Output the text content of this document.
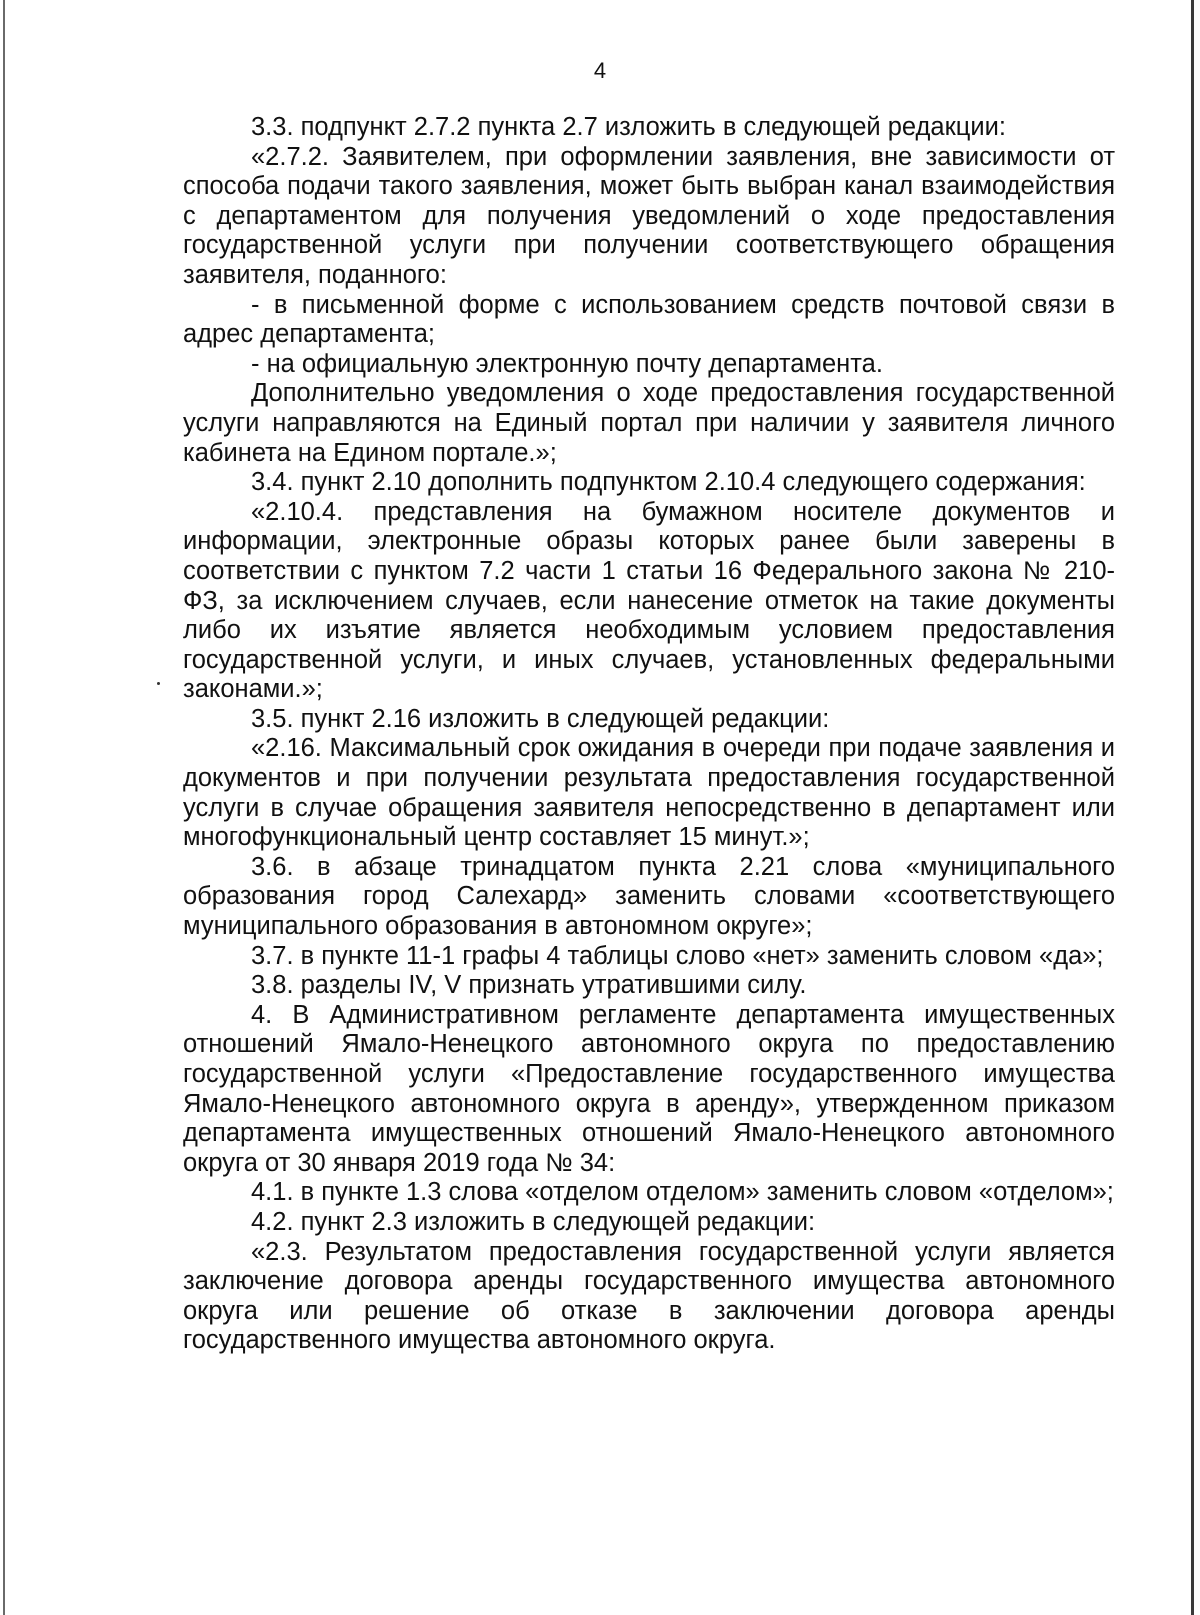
4

3.3. подпункт 2.7.2 пункта 2.7 изложить в следующей редакции:

«2.7.2. Заявителем, при оформлении заявления, вне зависимости от способа подачи такого заявления, может быть выбран канал взаимодействия с департаментом для получения уведомлений о ходе предоставления государственной услуги при получении соответствующего обращения заявителя, поданного:

- в письменной форме с использованием средств почтовой связи в адрес департамента;

- на официальную электронную почту департамента.

Дополнительно уведомления о ходе предоставления государственной услуги направляются на Единый портал при наличии у заявителя личного кабинета на Едином портале.»;

3.4. пункт 2.10 дополнить подпунктом 2.10.4 следующего содержания:

«2.10.4. представления на бумажном носителе документов и информации, электронные образы которых ранее были заверены в соответствии с пунктом 7.2 части 1 статьи 16 Федерального закона № 210-ФЗ, за исключением случаев, если нанесение отметок на такие документы либо их изъятие является необходимым условием предоставления государственной услуги, и иных случаев, установленных федеральными законами.»;

3.5. пункт 2.16 изложить в следующей редакции:

«2.16. Максимальный срок ожидания в очереди при подаче заявления и документов и при получении результата предоставления государственной услуги в случае обращения заявителя непосредственно в департамент или многофункциональный центр составляет 15 минут.»;

3.6. в абзаце тринадцатом пункта 2.21 слова «муниципального образования город Салехард» заменить словами «соответствующего муниципального образования в автономном округе»;

3.7. в пункте 11-1 графы 4 таблицы слово «нет» заменить словом «да»;

3.8. разделы IV, V признать утратившими силу.

4. В Административном регламенте департамента имущественных отношений Ямало-Ненецкого автономного округа по предоставлению государственной услуги «Предоставление государственного имущества Ямало-Ненецкого автономного округа в аренду», утвержденном приказом департамента имущественных отношений Ямало-Ненецкого автономного округа от 30 января 2019 года № 34:

4.1. в пункте 1.3 слова «отделом отделом» заменить словом «отделом»;

4.2. пункт 2.3 изложить в следующей редакции:

«2.3. Результатом предоставления государственной услуги является заключение договора аренды государственного имущества автономного округа или решение об отказе в заключении договора аренды государственного имущества автономного округа.
